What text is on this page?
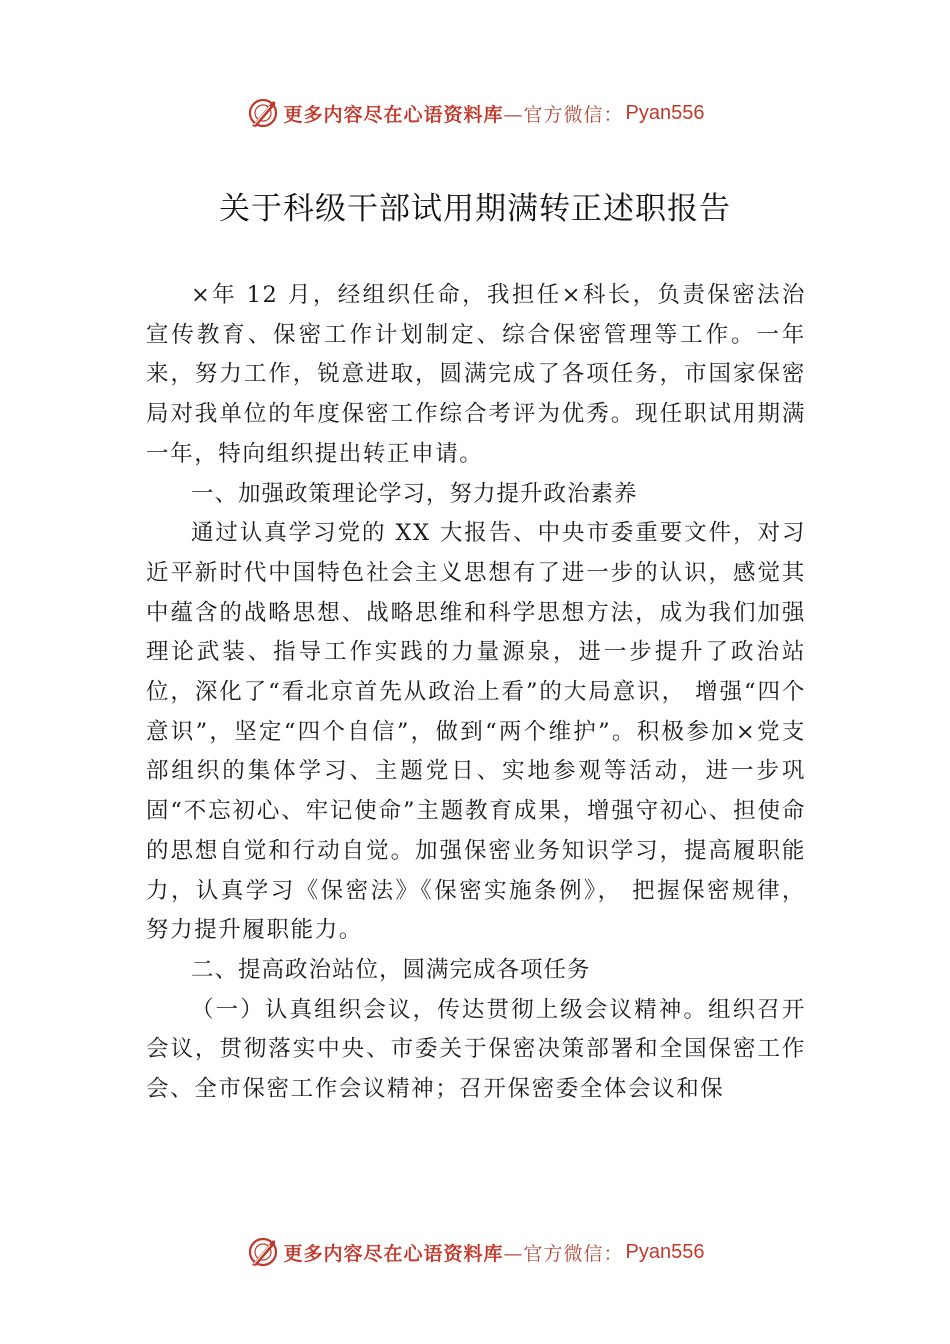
更多内容尽在心语资料库 —官方微信： Pyan556
关于科级干部试用期满转正述职报告

×年 12 月，经组织任命，我担任×科长，负责保密法治宣传教育、保密工作计划制定、综合保密管理等工作。一年来，努力工作，锐意进取，圆满完成了各项任务，市国家保密局对我单位的年度保密工作综合考评为优秀。现任职试用期满一年，特向组织提出转正申请。

一、加强政策理论学习，努力提升政治素养

通过认真学习党的 XX 大报告、中央市委重要文件，对习近平新时代中国特色社会主义思想有了进一步的认识，感觉其中蕴含的战略思想、战略思维和科学思想方法，成为我们加强理论武装、指导工作实践的力量源泉，进一步提升了政治站位，深化了“看北京首先从政治上看”的大局意识， 增强“四个意识”，坚定“四个自信”，做到“两个维护”。积极参加×党支部组织的集体学习、主题党日、实地参观等活动，进一步巩固“不忘初心、牢记使命”主题教育成果，增强守初心、担使命的思想自觉和行动自觉。加强保密业务知识学习，提高履职能力，认真学习《保密法》《保密实施条例》， 把握保密规律，努力提升履职能力。

二、提高政治站位，圆满完成各项任务

（一）认真组织会议，传达贯彻上级会议精神。组织召开会议，贯彻落实中央、市委关于保密决策部署和全国保密工作会、全市保密工作会议精神；召开保密委全体会议和保

更多内容尽在心语资料库 —官方微信： Pyan556
